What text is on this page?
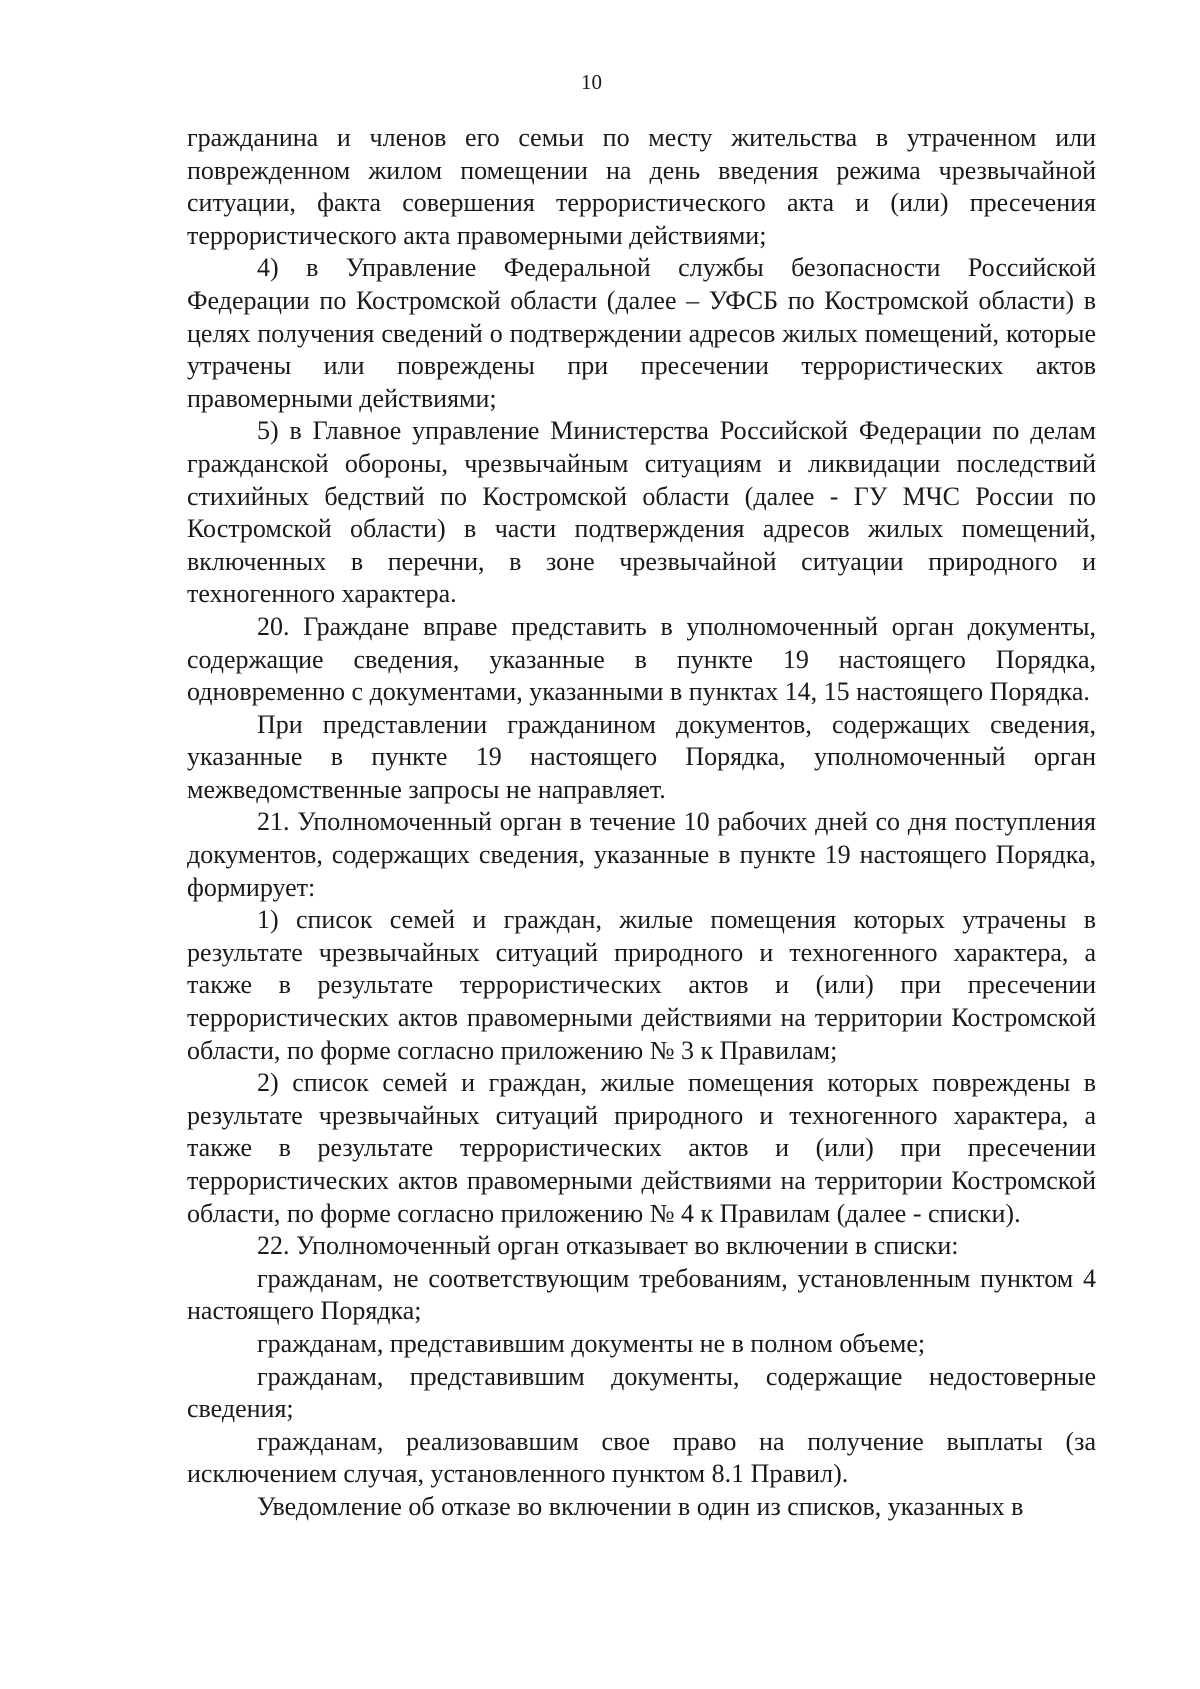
10

гражданина и членов его семьи по месту жительства в утраченном или поврежденном жилом помещении на день введения режима чрезвычайной ситуации, факта совершения террористического акта и (или) пресечения террористического акта правомерными действиями;

4) в Управление Федеральной службы безопасности Российской Федерации по Костромской области (далее – УФСБ по Костромской области) в целях получения сведений о подтверждении адресов жилых помещений, которые утрачены или повреждены при пресечении террористических актов правомерными действиями;

5) в Главное управление Министерства Российской Федерации по делам гражданской обороны, чрезвычайным ситуациям и ликвидации последствий стихийных бедствий по Костромской области (далее - ГУ МЧС России по Костромской области) в части подтверждения адресов жилых помещений, включенных в перечни, в зоне чрезвычайной ситуации природного и техногенного характера.

20. Граждане вправе представить в уполномоченный орган документы, содержащие сведения, указанные в пункте 19 настоящего Порядка, одновременно с документами, указанными в пунктах 14, 15 настоящего Порядка.

При представлении гражданином документов, содержащих сведения, указанные в пункте 19 настоящего Порядка, уполномоченный орган межведомственные запросы не направляет.

21. Уполномоченный орган в течение 10 рабочих дней со дня поступления документов, содержащих сведения, указанные в пункте 19 настоящего Порядка, формирует:

1) список семей и граждан, жилые помещения которых утрачены в результате чрезвычайных ситуаций природного и техногенного характера, а также в результате террористических актов и (или) при пресечении террористических актов правомерными действиями на территории Костромской области, по форме согласно приложению № 3 к Правилам;

2) список семей и граждан, жилые помещения которых повреждены в результате чрезвычайных ситуаций природного и техногенного характера, а также в результате террористических актов и (или) при пресечении террористических актов правомерными действиями на территории Костромской области, по форме согласно приложению № 4 к Правилам (далее - списки).

22. Уполномоченный орган отказывает во включении в списки:

гражданам, не соответствующим требованиям, установленным пунктом 4 настоящего Порядка;

гражданам, представившим документы не в полном объеме;

гражданам, представившим документы, содержащие недостоверные сведения;

гражданам, реализовавшим свое право на получение выплаты (за исключением случая, установленного пунктом 8.1 Правил).

Уведомление об отказе во включении в один из списков, указанных в
